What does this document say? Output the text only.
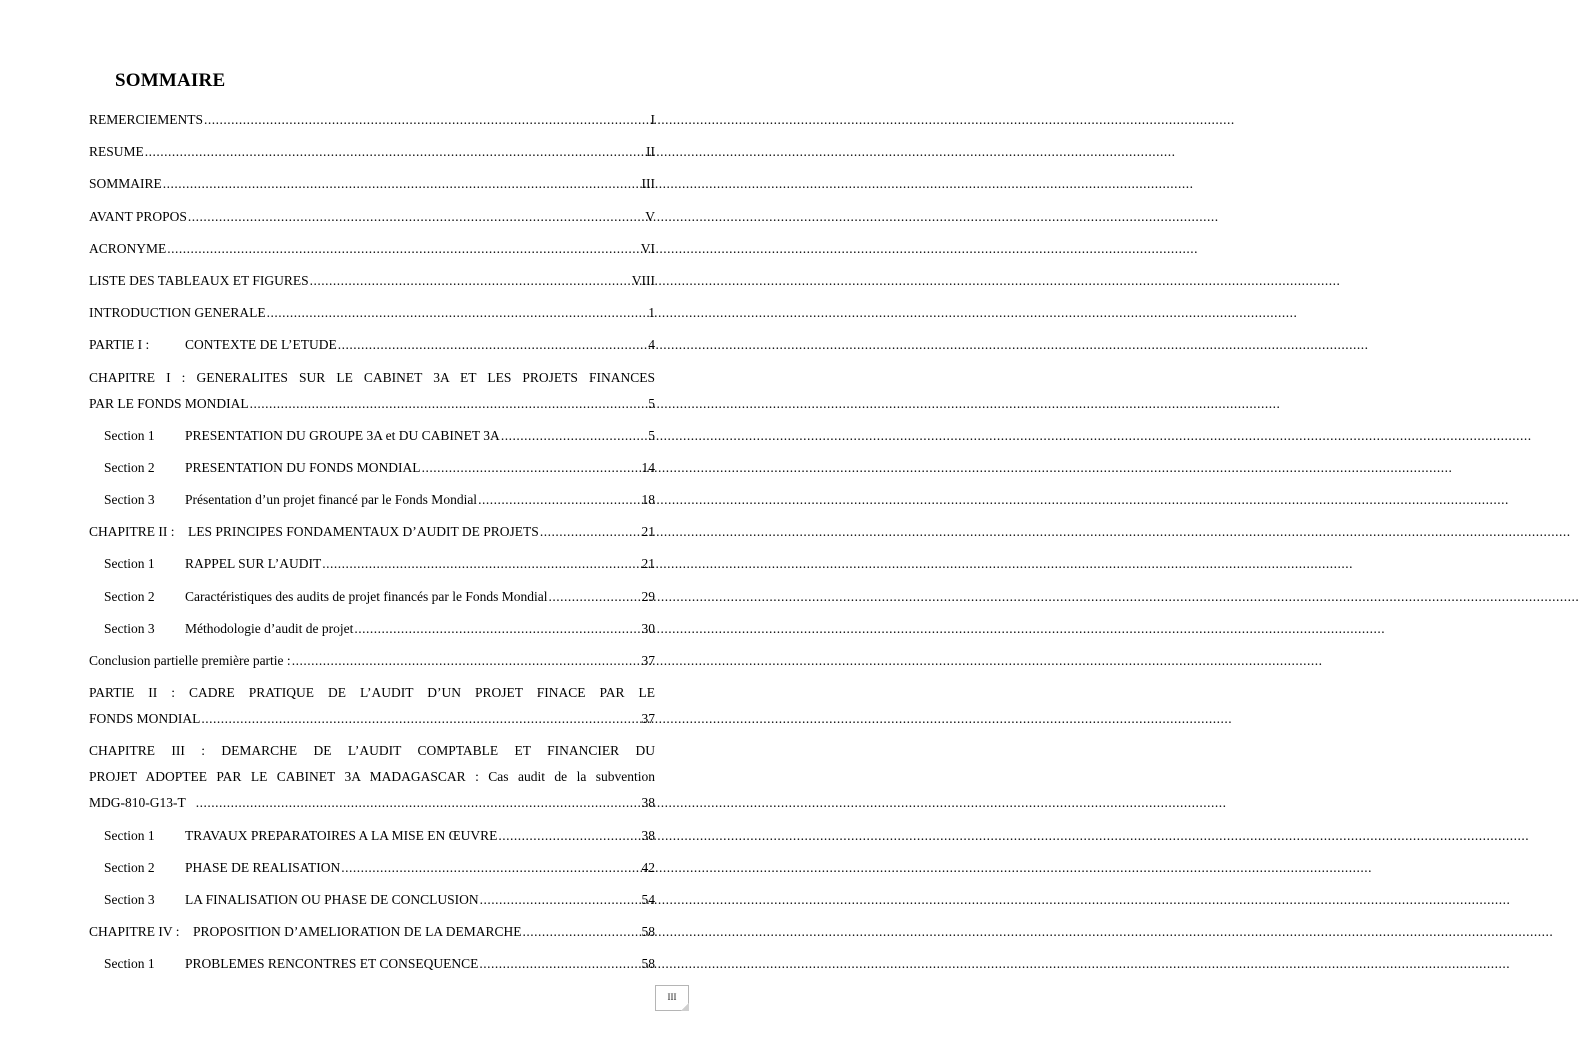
SOMMAIRE
REMERCIEMENTS .....	I
RESUME .....	II
SOMMAIRE .....	III
AVANT PROPOS .....	V
ACRONYME .....	VI
LISTE DES TABLEAUX ET FIGURES .....	VIII
INTRODUCTION GENERALE .....	1
PARTIE I :	CONTEXTE DE L’ETUDE .....	4
CHAPITRE I : GENERALITES SUR LE CABINET 3A ET LES PROJETS FINANCES
PAR LE FONDS MONDIAL .....	5
Section 1	PRESENTATION DU GROUPE 3A et DU CABINET 3A .....	5
Section 2	PRESENTATION DU FONDS MONDIAL .....	14
Section 3	Présentation d’un projet financé par le Fonds Mondial .....	18
CHAPITRE II :    LES PRINCIPES FONDAMENTAUX D’AUDIT DE PROJETS .....	21
Section 1	RAPPEL SUR L’AUDIT .....	21
Section 2	Caractéristiques des audits de projet financés par le Fonds Mondial .....	29
Section 3	Méthodologie d’audit de projet .....	30
Conclusion partielle première partie : .....	37
PARTIE II : CADRE PRATIQUE DE L’AUDIT D’UN PROJET FINACE PAR LE
FONDS MONDIAL .....	37
CHAPITRE III : DEMARCHE DE L’AUDIT COMPTABLE ET FINANCIER DU
PROJET ADOPTEE PAR LE CABINET 3A MADAGASCAR : Cas audit de la subvention
MDG-810-G13-T .....	38
Section 1	TRAVAUX PREPARATOIRES A LA MISE EN ŒUVRE .....	38
Section 2	PHASE DE REALISATION .....	42
Section 3	LA FINALISATION OU PHASE DE CONCLUSION .....	54
CHAPITRE IV :    PROPOSITION D’AMELIORATION DE LA DEMARCHE .....	58
Section 1	PROBLEMES RENCONTRES ET CONSEQUENCE .....	58
III
